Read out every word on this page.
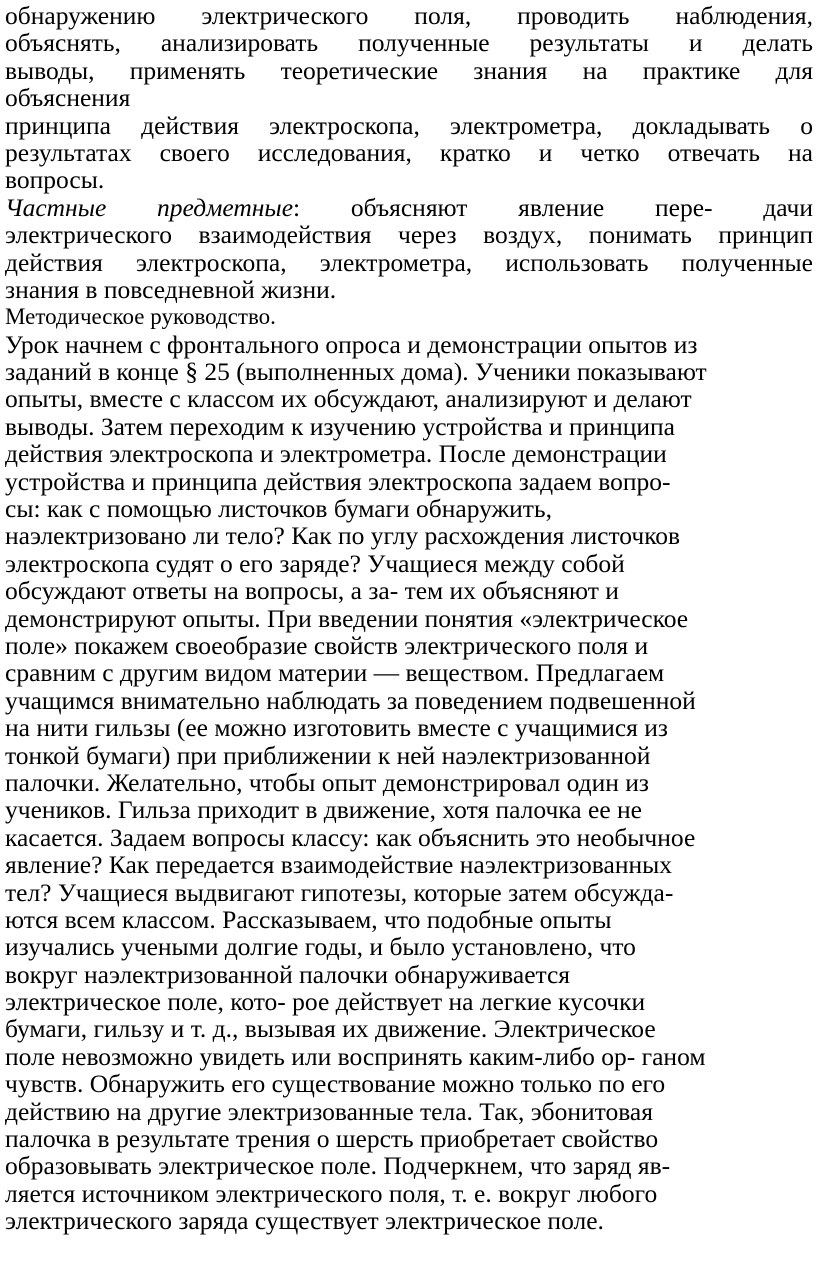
обнаружению электрического поля, проводить наблюдения,
объяснять, анализировать полученные результаты и делать
выводы, применять теоретические знания на практике для
объяснения
принципа действия электроскопа, электрометра, докладывать о
результатах своего исследования, кратко и четко отвечать на
вопросы.
Частные предметные: объясняют явление пере- дачи
электрического взаимодействия через воздух, понимать принцип
действия электроскопа, электрометра, использовать полученные
знания в повседневной жизни.
Методическое руководство.
Урок начнем с фронтального опроса и демонстрации опытов из
заданий в конце § 25 (выполненных дома). Ученики показывают
опыты, вместе с классом их обсуждают, анализируют и делают
выводы. Затем переходим к изучению устройства и принципа
действия электроскопа и электрометра. После демонстрации
устройства и принципа действия электроскопа задаем вопро-
сы: как с помощью листочков бумаги обнаружить,
наэлектризовано ли тело? Как по углу расхождения листочков
электроскопа судят о его заряде? Учащиеся между собой
обсуждают ответы на вопросы, а за- тем их объясняют и
демонстрируют опыты. При введении понятия «электрическое
поле» покажем своеобразие свойств электрического поля и
сравним с другим видом материи — веществом. Предлагаем
учащимся внимательно наблюдать за поведением подвешенной
на нити гильзы (ее можно изготовить вместе с учащимися из
тонкой бумаги) при приближении к ней наэлектризованной
палочки. Желательно, чтобы опыт демонстрировал один из
учеников. Гильза приходит в движение, хотя палочка ее не
касается. Задаем вопросы классу: как объяснить это необычное
явление? Как передается взаимодействие наэлектризованных
тел? Учащиеся выдвигают гипотезы, которые затем обсужда-
ются всем классом. Рассказываем, что подобные опыты
изучались учеными долгие годы, и было установлено, что
вокруг наэлектризованной палочки обнаруживается
электрическое поле, кото- рое действует на легкие кусочки
бумаги, гильзу и т. д., вызывая их движение. Электрическое
поле невозможно увидеть или воспринять каким-либо ор- ганом
чувств. Обнаружить его существование можно только по его
действию на другие электризованные тела. Так, эбонитовая
палочка в результате трения о шерсть приобретает свойство
образовывать электрическое поле. Подчеркнем, что заряд яв-
ляется источником электрического поля, т. е. вокруг любого
электрического заряда существует электрическое поле.
